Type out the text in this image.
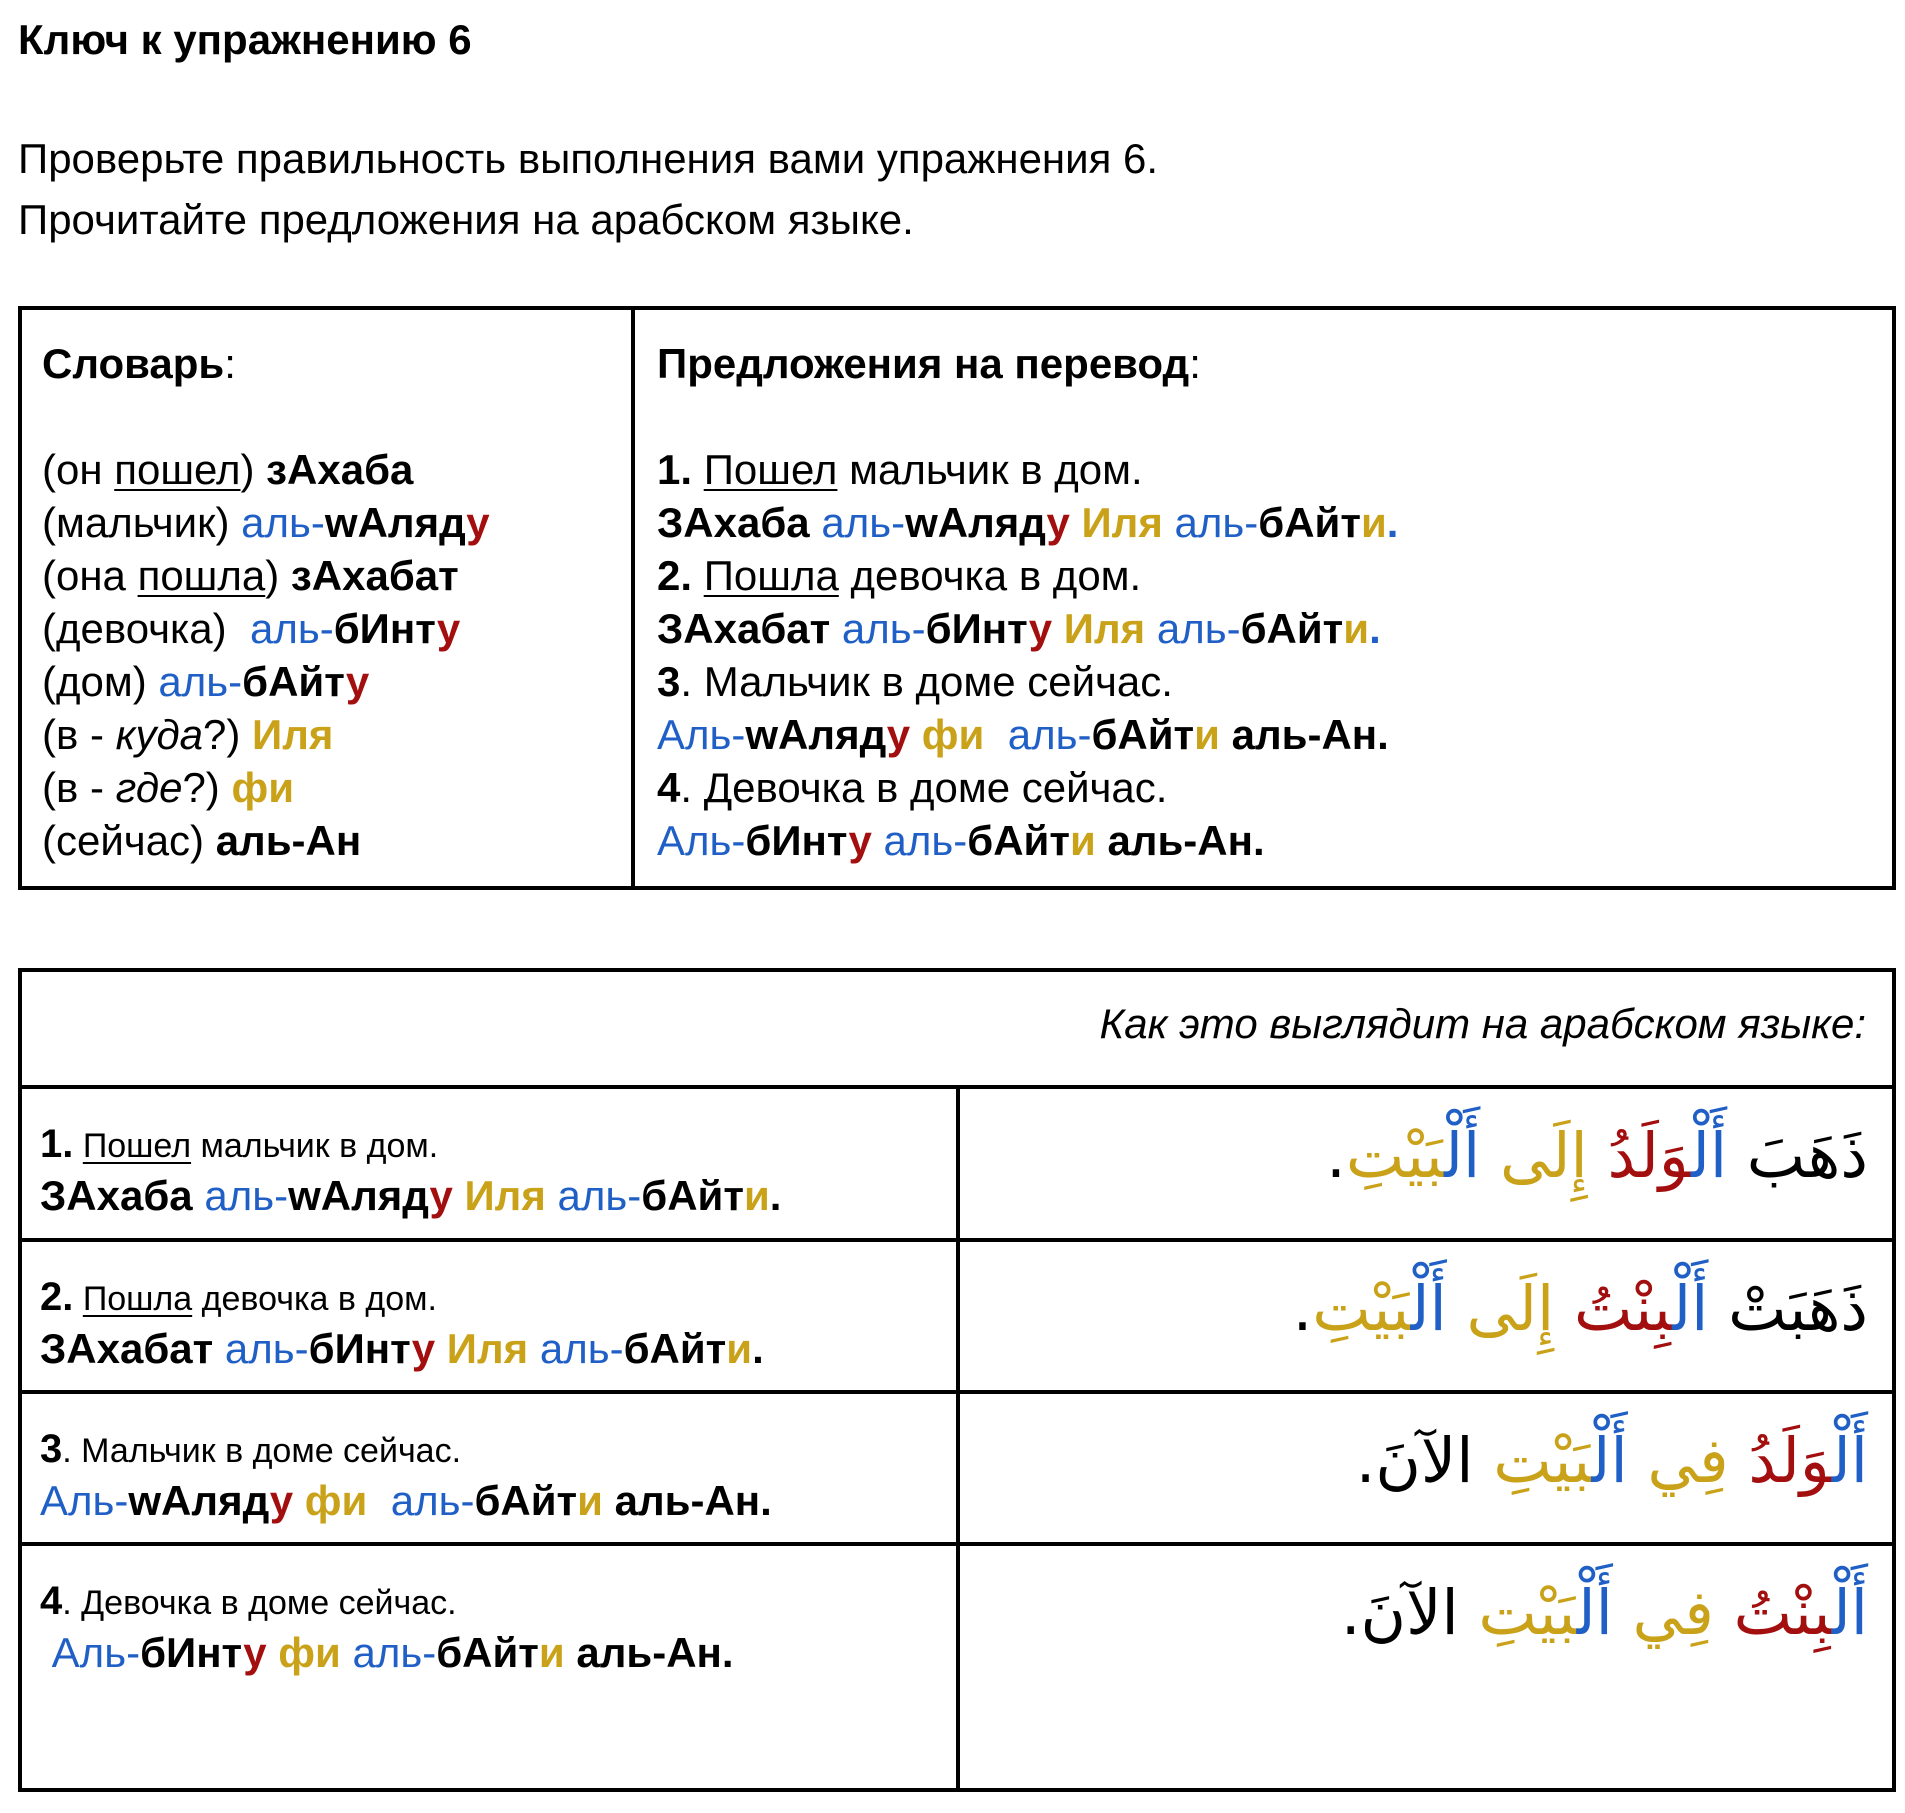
Ключ к упражнению 6
Проверьте правильность выполнения вами упражнения 6.
Прочитайте предложения на арабском языке.
Словарь:
(он пошел) зАхаба
(мальчик) аль-wАляду
(она пошла) зАхабат
(девочка)  аль-бИнту
(дом) аль-бАйту
(в - куда?) Иля
(в - где?) фи
(сейчас) аль-Ан
Предложения на перевод:
1. Пошел мальчик в дом.
ЗАхаба аль-wАляду Иля аль-бАйти.
2. Пошла девочка в дом.
ЗАхабат аль-бИнту Иля аль-бАйти.
3. Мальчик в доме сейчас.
Аль-wАляду фи  аль-бАйти аль-Ан.
4. Девочка в доме сейчас.
Аль-бИнту аль-бАйти аль-Ан.
Как это выглядит на арабском языке:
1. Пошел мальчик в дом.
ЗАхаба аль-wАляду Иля аль-бАйти.
ذَهَبَ أَلْوَلَد إِلَى أَلْبَيْت.
2. Пошла девочка в дом.
ЗАхабат аль-бИнту Иля аль-бАйти.
ذَهَبَتْ أَلْبِنْت إِلَى أَلْبَيْت.
3. Мальчик в доме сейчас.
Аль-wАляду фи  аль-бАйти аль-Ан.
أَلْوَلَد فِي أَلْبَيْت الآنَ.
4. Девочка в доме сейчас.
Аль-бИнту фи аль-бАйти аль-Ан.
أَلْبِنْت فِي أَلْبَيْت الآنَ.
